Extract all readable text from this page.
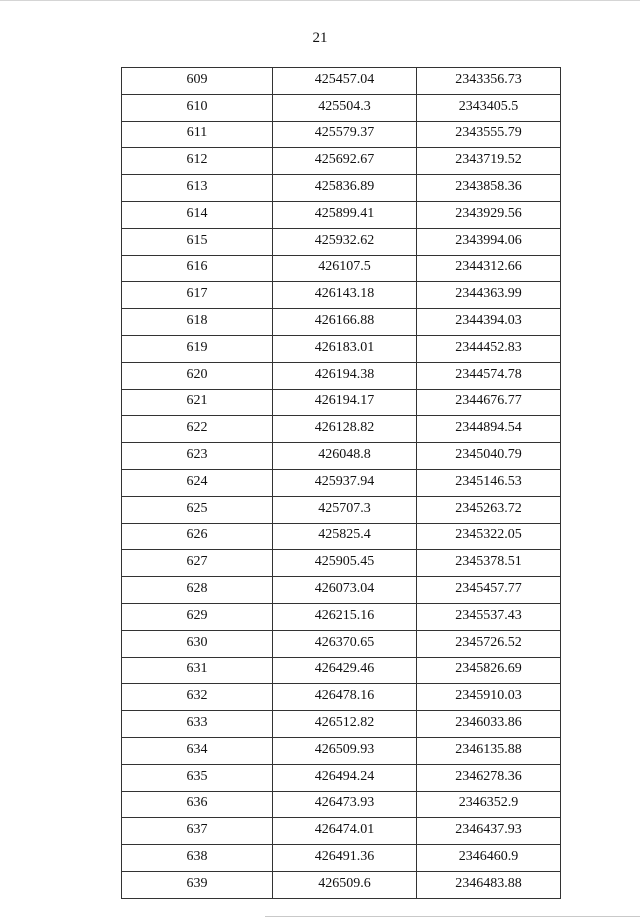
21
609	425457.04	2343356.73
610	425504.3	2343405.5
611	425579.37	2343555.79
612	425692.67	2343719.52
613	425836.89	2343858.36
614	425899.41	2343929.56
615	425932.62	2343994.06
616	426107.5	2344312.66
617	426143.18	2344363.99
618	426166.88	2344394.03
619	426183.01	2344452.83
620	426194.38	2344574.78
621	426194.17	2344676.77
622	426128.82	2344894.54
623	426048.8	2345040.79
624	425937.94	2345146.53
625	425707.3	2345263.72
626	425825.4	2345322.05
627	425905.45	2345378.51
628	426073.04	2345457.77
629	426215.16	2345537.43
630	426370.65	2345726.52
631	426429.46	2345826.69
632	426478.16	2345910.03
633	426512.82	2346033.86
634	426509.93	2346135.88
635	426494.24	2346278.36
636	426473.93	2346352.9
637	426474.01	2346437.93
638	426491.36	2346460.9
639	426509.6	2346483.88
